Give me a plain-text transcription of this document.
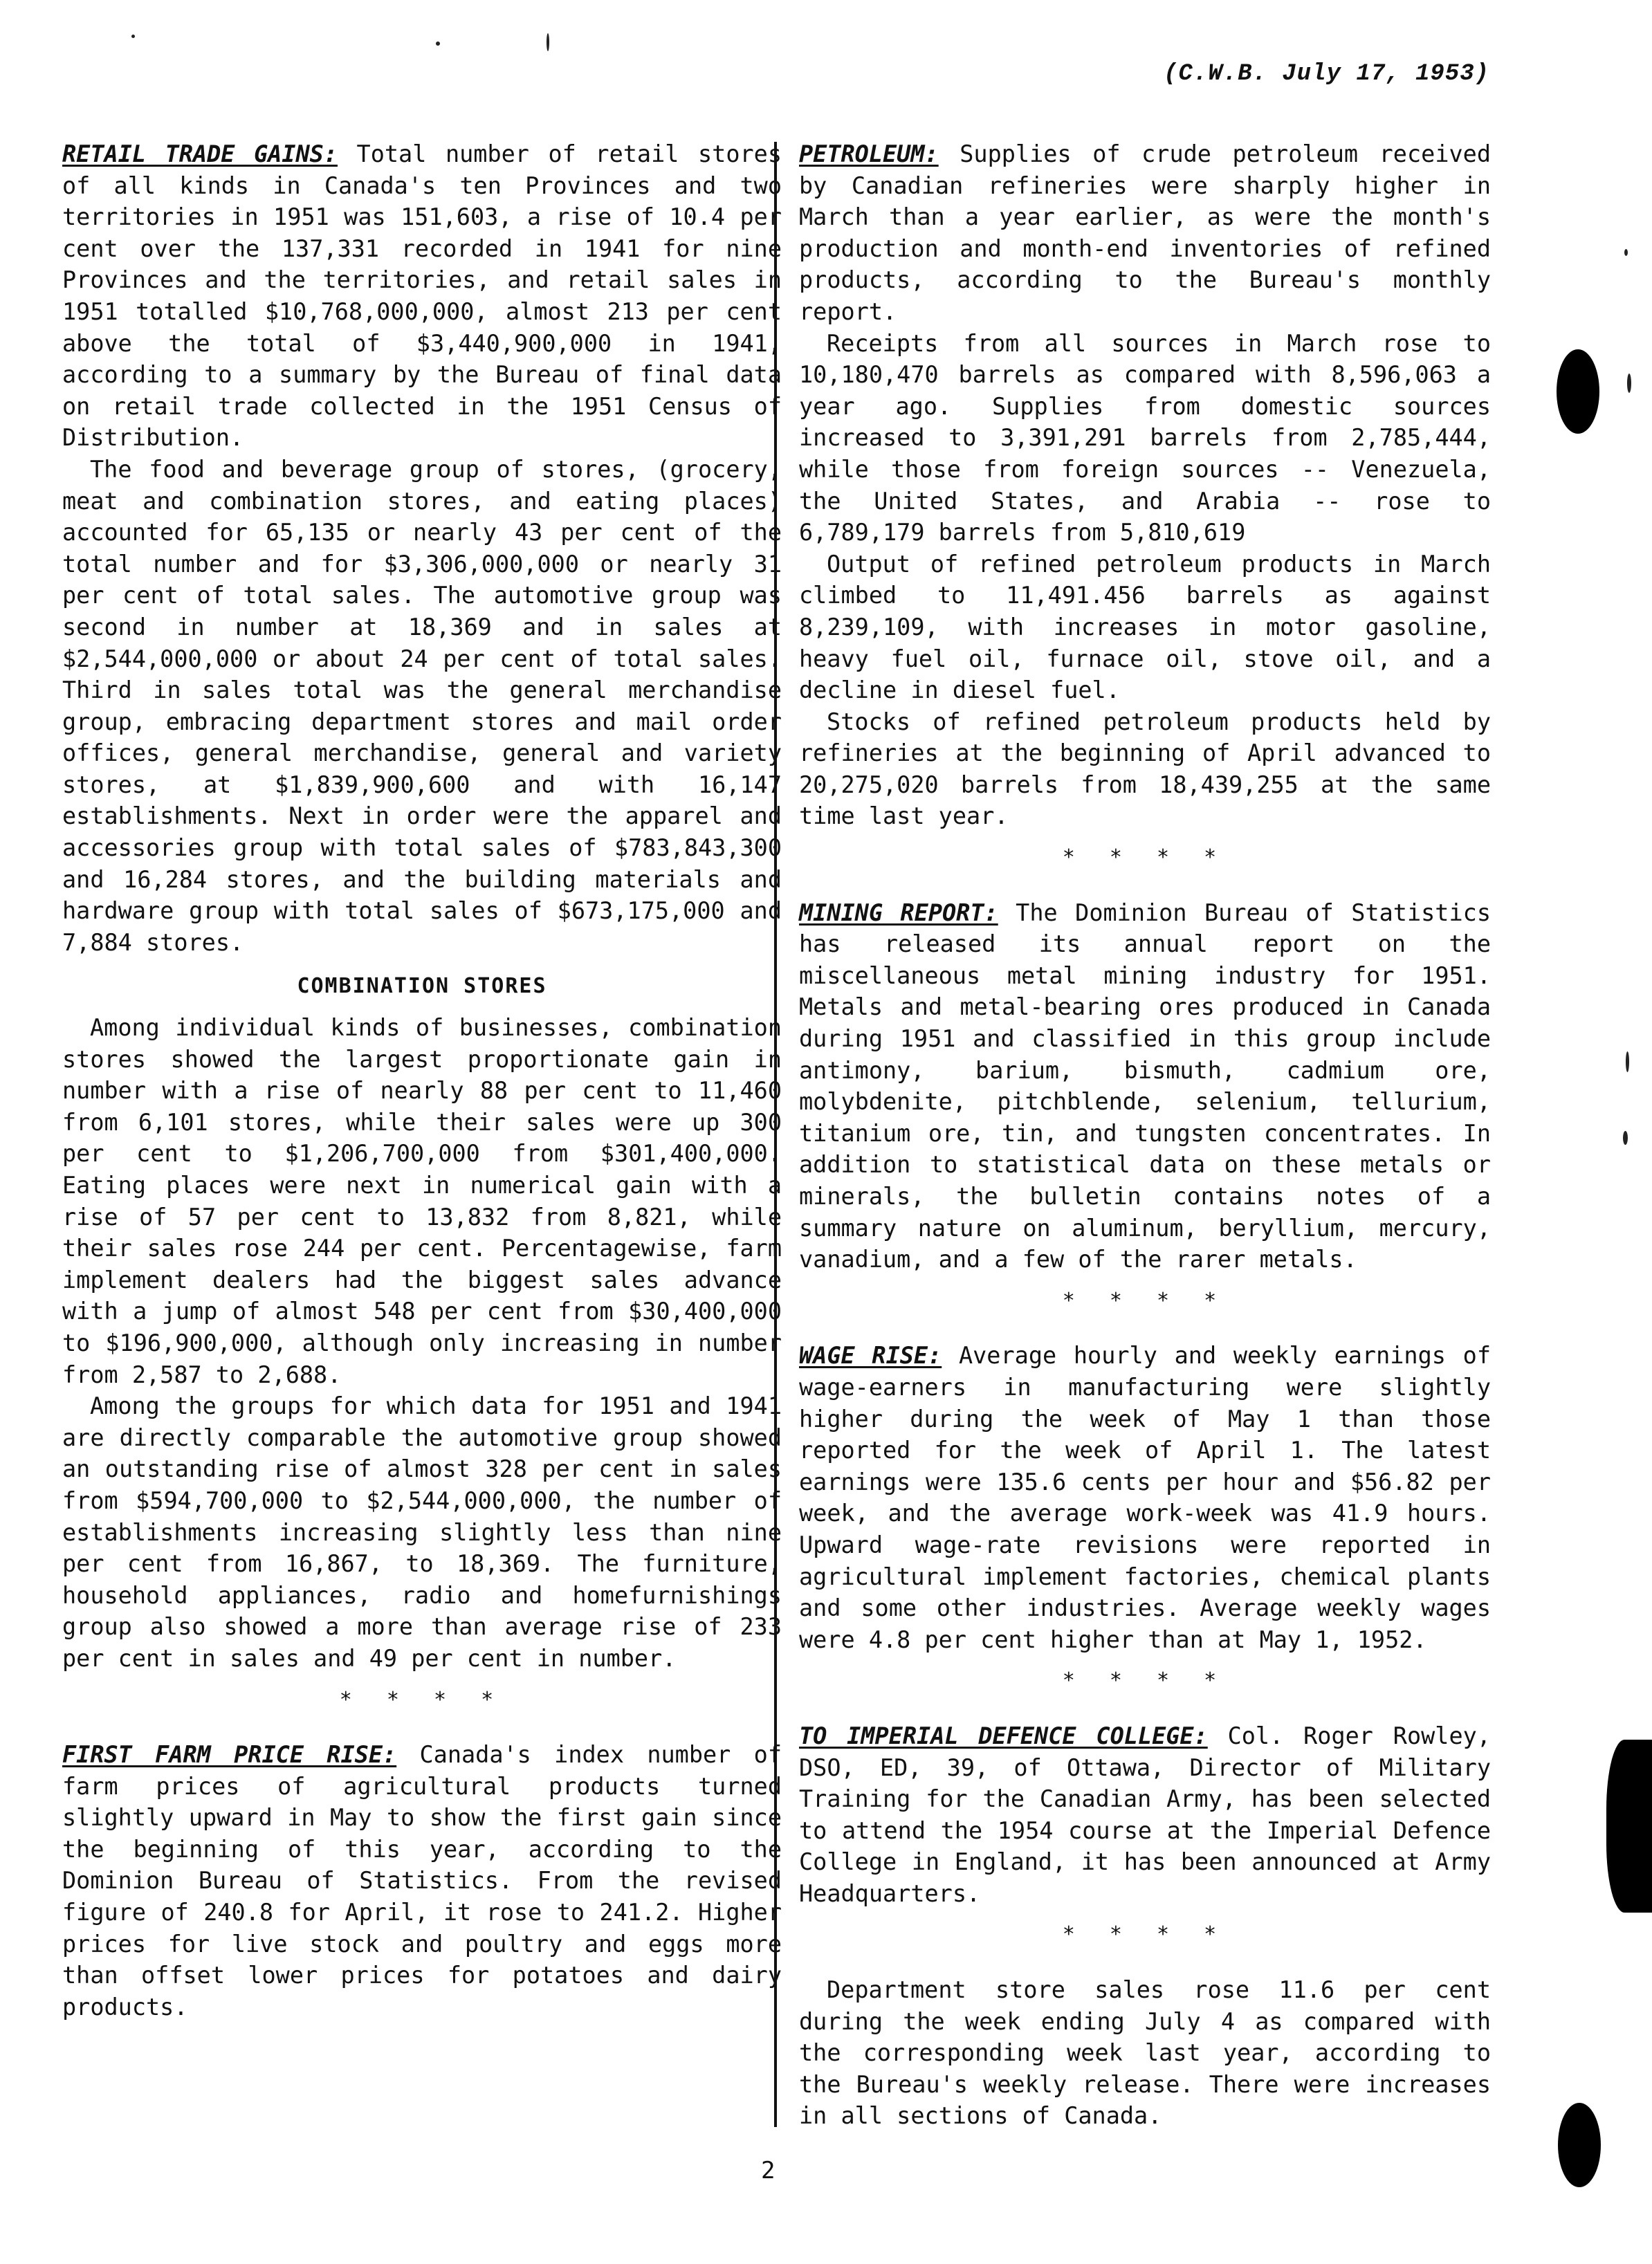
(C.W.B. July 17, 1953)

RETAIL TRADE GAINS: Total number of retail stores of all kinds in Canada's ten Provinces and two territories in 1951 was 151,603, a rise of 10.4 per cent over the 137,331 recorded in 1941 for nine Provinces and the territories, and retail sales in 1951 totalled $10,768,000,000, almost 213 per cent above the total of $3,440,900,000 in 1941, according to a summary by the Bureau of final data on retail trade collected in the 1951 Census of Distribution.

The food and beverage group of stores, (grocery, meat and combination stores, and eating places) accounted for 65,135 or nearly 43 per cent of the total number and for $3,306,000,000 or nearly 31 per cent of total sales. The automotive group was second in number at 18,369 and in sales at $2,544,000,000 or about 24 per cent of total sales. Third in sales total was the general merchandise group, embracing department stores and mail order offices, general merchandise, general and variety stores, at $1,839,900,600 and with 16,147 establishments. Next in order were the apparel and accessories group with total sales of $783,843,300 and 16,284 stores, and the building materials and hardware group with total sales of $673,175,000 and 7,884 stores.

COMBINATION STORES

Among individual kinds of businesses, combination stores showed the largest proportionate gain in number with a rise of nearly 88 per cent to 11,460 from 6,101 stores, while their sales were up 300 per cent to $1,206,700,000 from $301,400,000. Eating places were next in numerical gain with a rise of 57 per cent to 13,832 from 8,821, while their sales rose 244 per cent. Percentagewise, farm implement dealers had the biggest sales advance with a jump of almost 548 per cent from $30,400,000 to $196,900,000, although only increasing in number from 2,587 to 2,688.

Among the groups for which data for 1951 and 1941 are directly comparable the automotive group showed an outstanding rise of almost 328 per cent in sales from $594,700,000 to $2,544,000,000, the number of establishments increasing slightly less than nine per cent from 16,867, to 18,369. The furniture, household appliances, radio and homefurnishings group also showed a more than average rise of 233 per cent in sales and 49 per cent in number.

* * * *

FIRST FARM PRICE RISE: Canada's index number of farm prices of agricultural products turned slightly upward in May to show the first gain since the beginning of this year, according to the Dominion Bureau of Statistics. From the revised figure of 240.8 for April, it rose to 241.2. Higher prices for live stock and poultry and eggs more than offset lower prices for potatoes and dairy products.

PETROLEUM: Supplies of crude petroleum received by Canadian refineries were sharply higher in March than a year earlier, as were the month's production and month-end inventories of refined products, according to the Bureau's monthly report.

Receipts from all sources in March rose to 10,180,470 barrels as compared with 8,596,063 a year ago. Supplies from domestic sources increased to 3,391,291 barrels from 2,785,444, while those from foreign sources -- Venezuela, the United States, and Arabia -- rose to 6,789,179 barrels from 5,810,619

Output of refined petroleum products in March climbed to 11,491.456 barrels as against 8,239,109, with increases in motor gasoline, heavy fuel oil, furnace oil, stove oil, and a decline in diesel fuel.

Stocks of refined petroleum products held by refineries at the beginning of April advanced to 20,275,020 barrels from 18,439,255 at the same time last year.

* * * *

MINING REPORT: The Dominion Bureau of Statistics has released its annual report on the miscellaneous metal mining industry for 1951. Metals and metal-bearing ores produced in Canada during 1951 and classified in this group include antimony, barium, bismuth, cadmium ore, molybdenite, pitchblende, selenium, tellurium, titanium ore, tin, and tungsten concentrates. In addition to statistical data on these metals or minerals, the bulletin contains notes of a summary nature on aluminum, beryllium, mercury, vanadium, and a few of the rarer metals.

* * * *

WAGE RISE: Average hourly and weekly earnings of wage-earners in manufacturing were slightly higher during the week of May 1 than those reported for the week of April 1. The latest earnings were 135.6 cents per hour and $56.82 per week, and the average work-week was 41.9 hours. Upward wage-rate revisions were reported in agricultural implement factories, chemical plants and some other industries. Average weekly wages were 4.8 per cent higher than at May 1, 1952.

* * * *

TO IMPERIAL DEFENCE COLLEGE: Col. Roger Rowley, DSO, ED, 39, of Ottawa, Director of Military Training for the Canadian Army, has been selected to attend the 1954 course at the Imperial Defence College in England, it has been announced at Army Headquarters.

* * * *

Department store sales rose 11.6 per cent during the week ending July 4 as compared with the corresponding week last year, according to the Bureau's weekly release. There were increases in all sections of Canada.

2
